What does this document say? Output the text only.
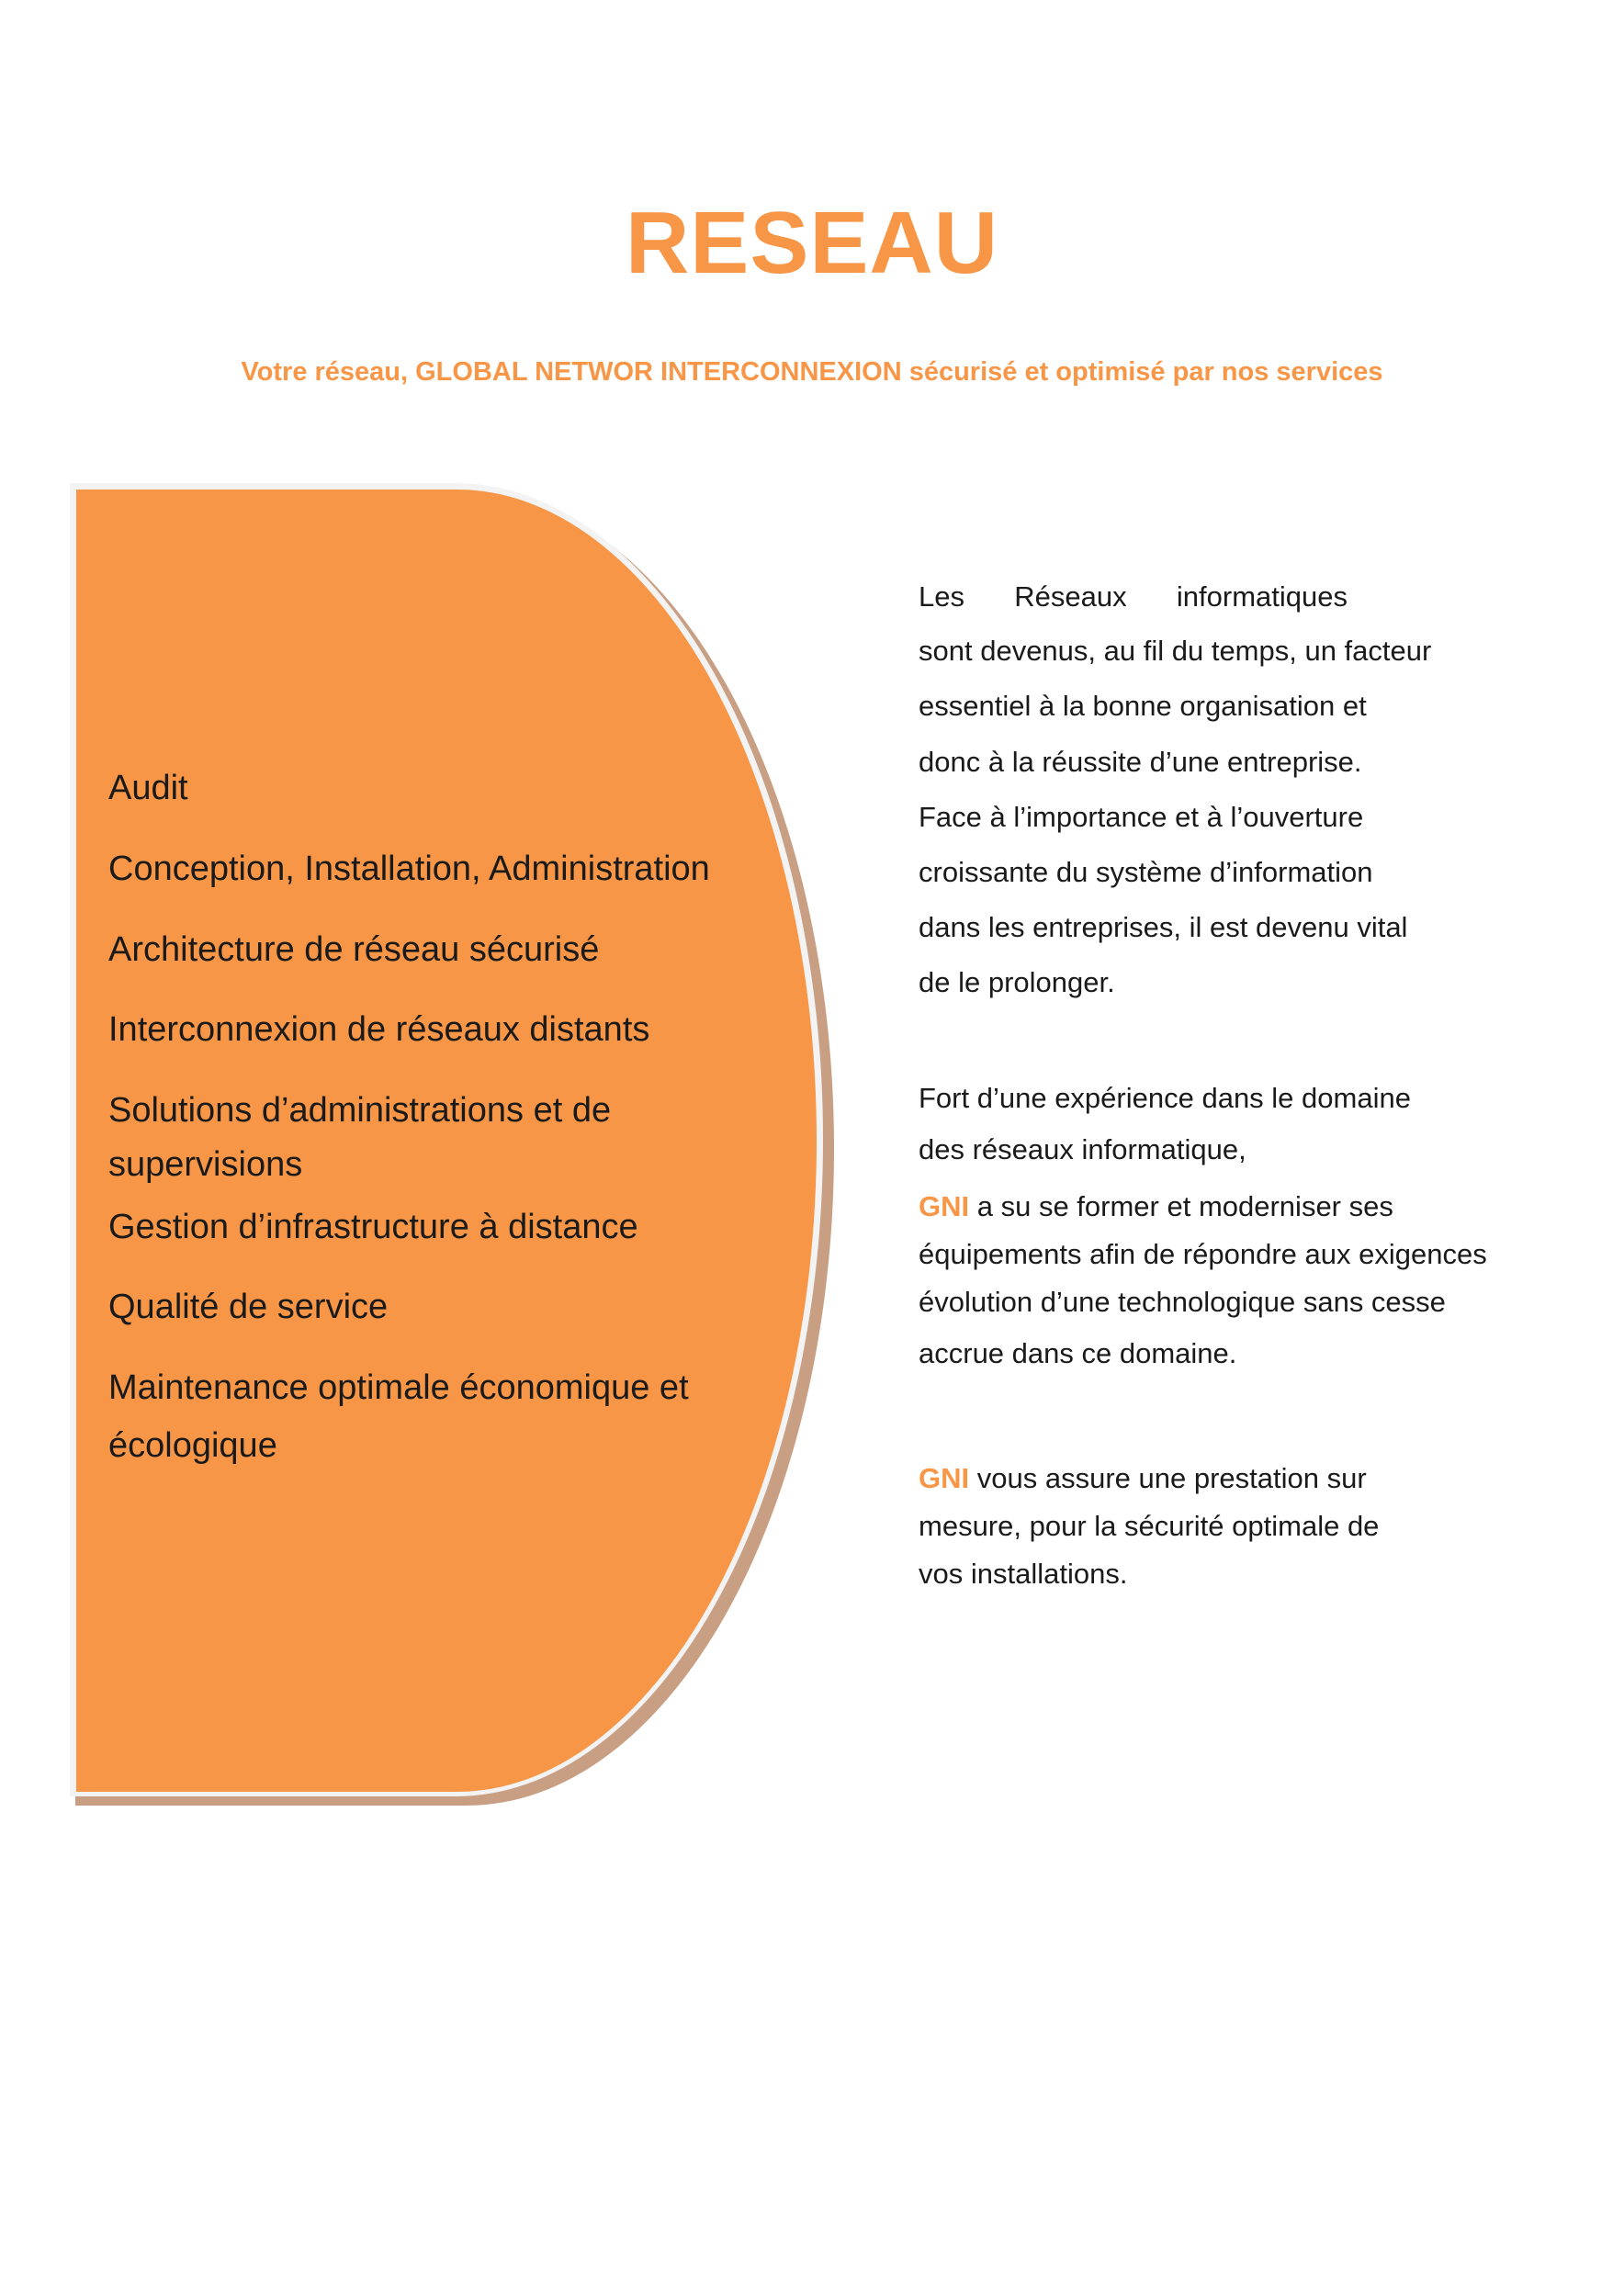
RESEAU
Votre réseau, GLOBAL NETWOR INTERCONNEXION sécurisé et optimisé par nos services
Audit
Conception, Installation, Administration
Architecture de réseau sécurisé
Interconnexion de réseaux distants
Solutions d’administrations et de
supervisions
Gestion d’infrastructure à distance
Qualité de service
Maintenance optimale économique et
écologique
Les Réseaux informatiques
sont devenus, au fil du temps, un facteur
essentiel à la bonne organisation et
donc à la réussite d’une entreprise.
Face à l’importance et à l’ouverture
croissante du système d’information
dans les entreprises, il est devenu vital
de le prolonger.
Fort d’une expérience dans le domaine
des réseaux informatique,
GNI a su se former et moderniser ses
équipements afin de répondre aux exigences
évolution d’une technologique sans cesse
accrue dans ce domaine.
GNI vous assure une prestation sur
mesure, pour la sécurité optimale de
vos installations.
